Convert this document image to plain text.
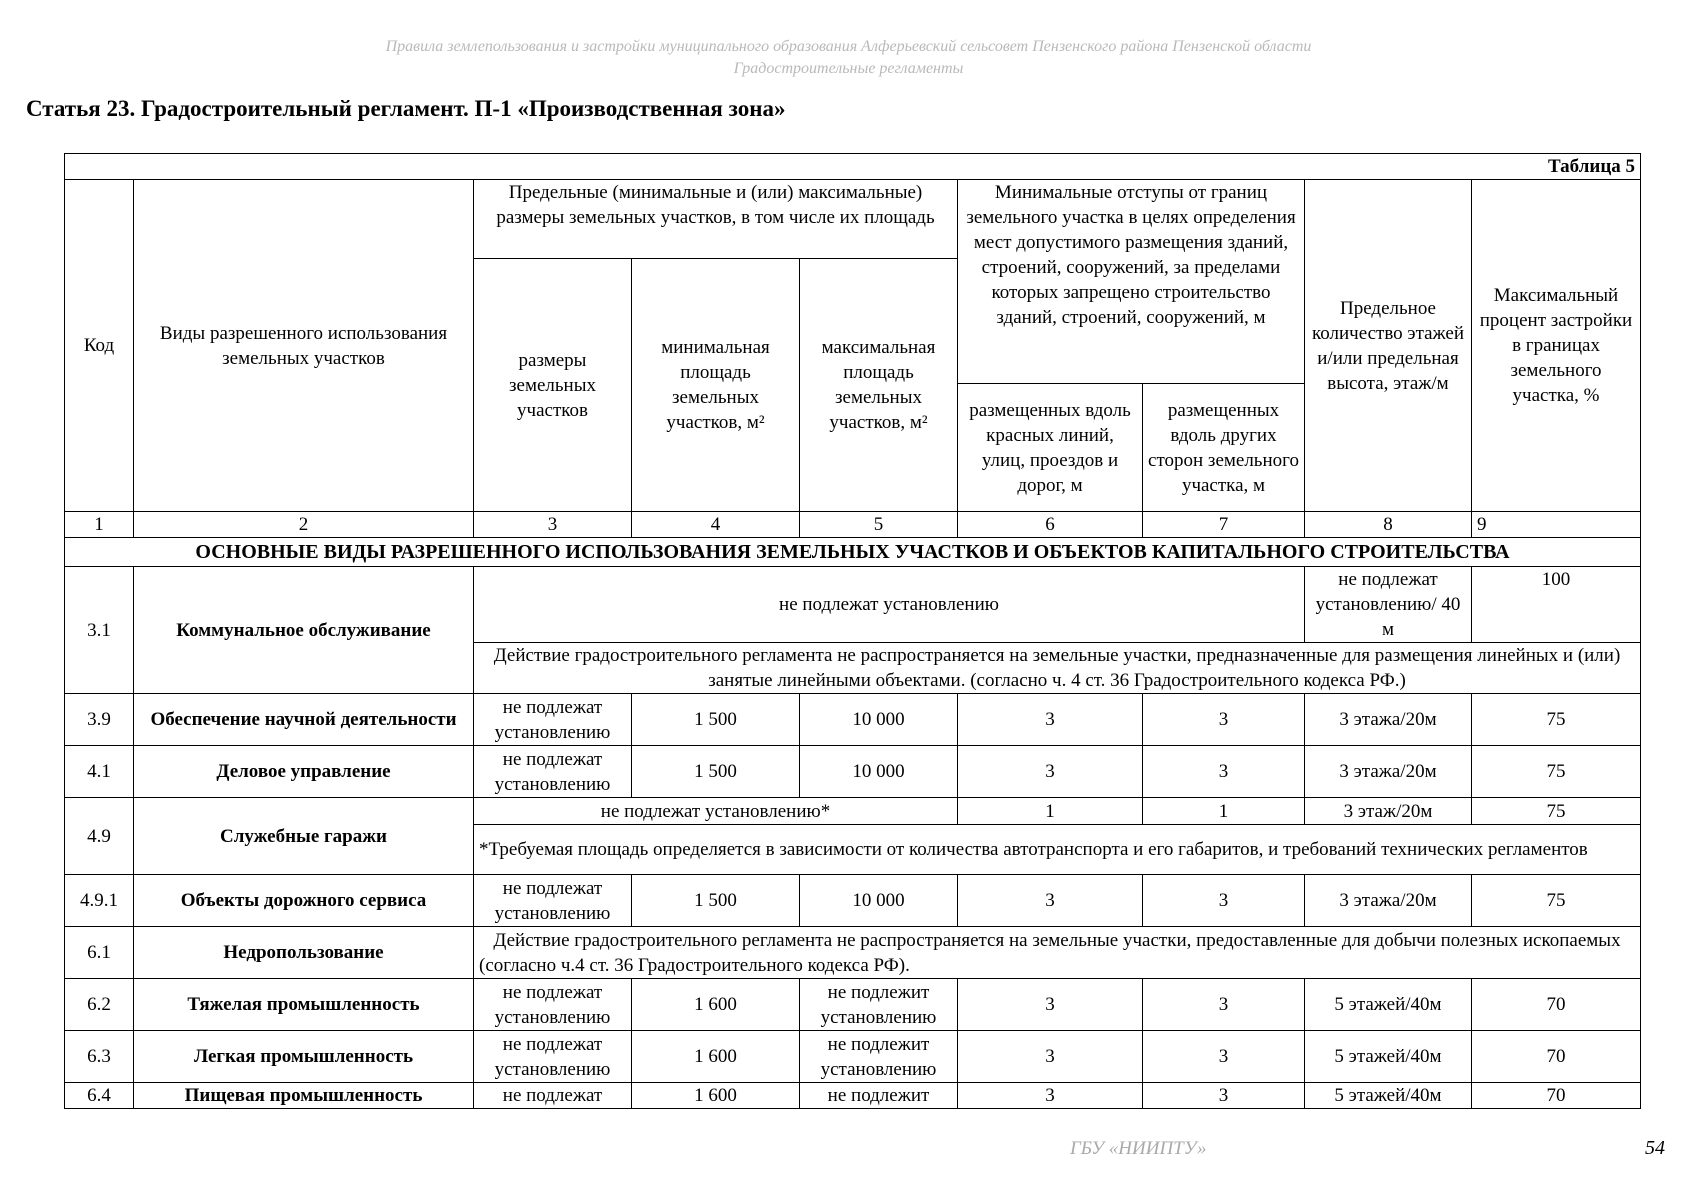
Правила землепользования и застройки муниципального образования Алферьевский сельсовет Пензенского района Пензенской области
Градостроительные регламенты
Статья 23. Градостроительный регламент. П-1 «Производственная зона»
Таблица 5								
Код	Виды разрешенного использования земельных участков	Предельные (минимальные и (или) максимальные) размеры земельных участков, в том числе их площадь			Минимальные отступы от границ земельного участка в целях определения мест допустимого размещения зданий, строений, сооружений, за пределами которых запрещено строительство зданий, строений, сооружений, м		Предельное количество этажей и/или предельная высота, этаж/м	Максимальный процент застройки в границах земельного участка, %
		размеры земельных участков	минимальная площадь земельных участков, м²	максимальная площадь земельных участков, м²				
					размещенных вдоль красных линий, улиц, проездов и дорог, м	размещенных вдоль других сторон земельного участка, м		
1	2	3	4	5	6	7	8	9
ОСНОВНЫЕ ВИДЫ РАЗРЕШЕННОГО ИСПОЛЬЗОВАНИЯ ЗЕМЕЛЬНЫХ УЧАСТКОВ И ОБЪЕКТОВ КАПИТАЛЬНОГО СТРОИТЕЛЬСТВА								
3.1	Коммунальное обслуживание	не подлежат установлению					не подлежат установлению/ 40 м	100
		Действие градостроительного регламента не распространяется на земельные участки, предназначенные для размещения линейных и (или) занятые линейными объектами. (согласно ч. 4 ст. 36 Градостроительного кодекса РФ.)						
3.9	Обеспечение научной деятельности	не подлежат установлению	1 500	10 000	3	3	3 этажа/20м	75
4.1	Деловое управление	не подлежат установлению	1 500	10 000	3	3	3 этажа/20м	75
4.9	Служебные гаражи	не подлежат установлению*			1	1	3 этаж/20м	75
		*Требуемая площадь определяется в зависимости от количества автотранспорта и его габаритов, и требований технических регламентов						
4.9.1	Объекты дорожного сервиса	не подлежат установлению	1 500	10 000	3	3	3 этажа/20м	75
6.1	Недропользование	Действие градостроительного регламента не распространяется на земельные участки, предоставленные для добычи полезных ископаемых (согласно ч.4 ст. 36 Градостроительного кодекса РФ).						
6.2	Тяжелая промышленность	не подлежат установлению	1 600	не подлежит установлению	3	3	5 этажей/40м	70
6.3	Легкая промышленность	не подлежат установлению	1 600	не подлежит установлению	3	3	5 этажей/40м	70
6.4	Пищевая промышленность	не подлежат	1 600	не подлежит	3	3	5 этажей/40м	70
ГБУ «НИИПТУ»	54
